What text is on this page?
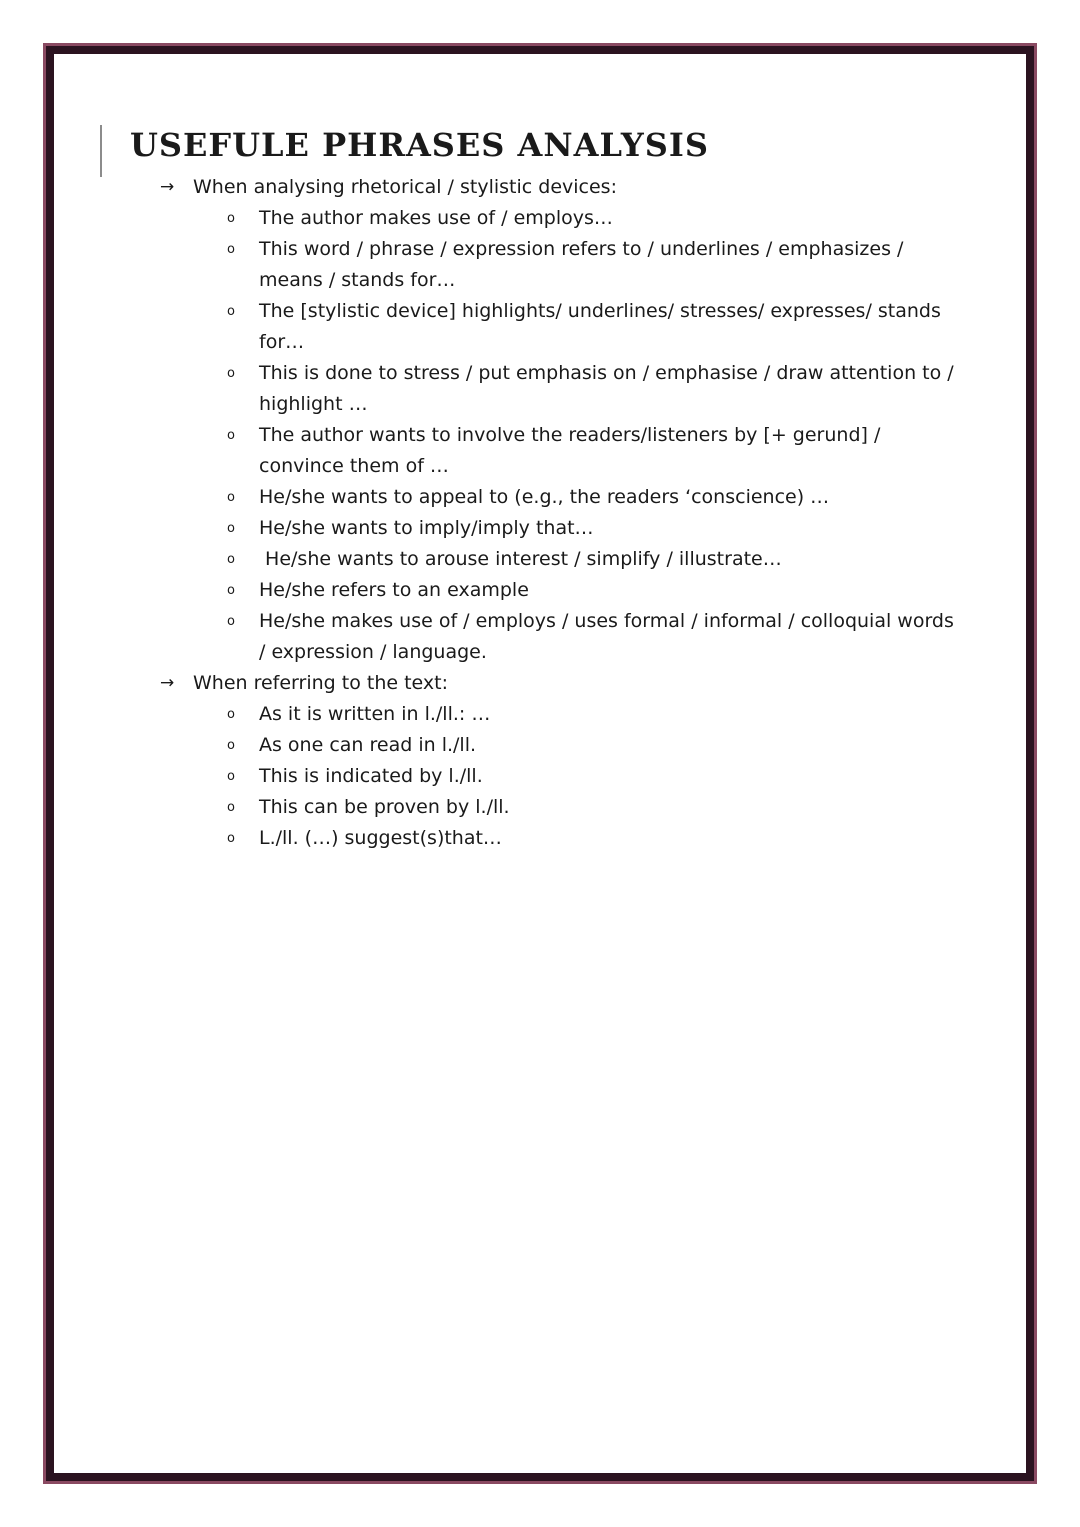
USEFULE PHRASES ANALYSIS
→ When analysing rhetorical / stylistic devices:
o The author makes use of / employs…
o This word / phrase / expression refers to / underlines / emphasizes / means / stands for…
o The [stylistic device] highlights/ underlines/ stresses/ expresses/ stands for…
o This is done to stress / put emphasis on / emphasise / draw attention to / highlight …
o The author wants to involve the readers/listeners by [+ gerund] / convince them of …
o He/she wants to appeal to (e.g., the readers ‘conscience) …
o He/she wants to imply/imply that…
o He/she wants to arouse interest / simplify / illustrate…
o He/she refers to an example
o He/she makes use of / employs / uses formal / informal / colloquial words / expression / language.
→ When referring to the text:
o As it is written in l./ll.: …
o As one can read in l./ll.
o This is indicated by l./ll.
o This can be proven by l./ll.
o L./ll. (…) suggest(s)that…
